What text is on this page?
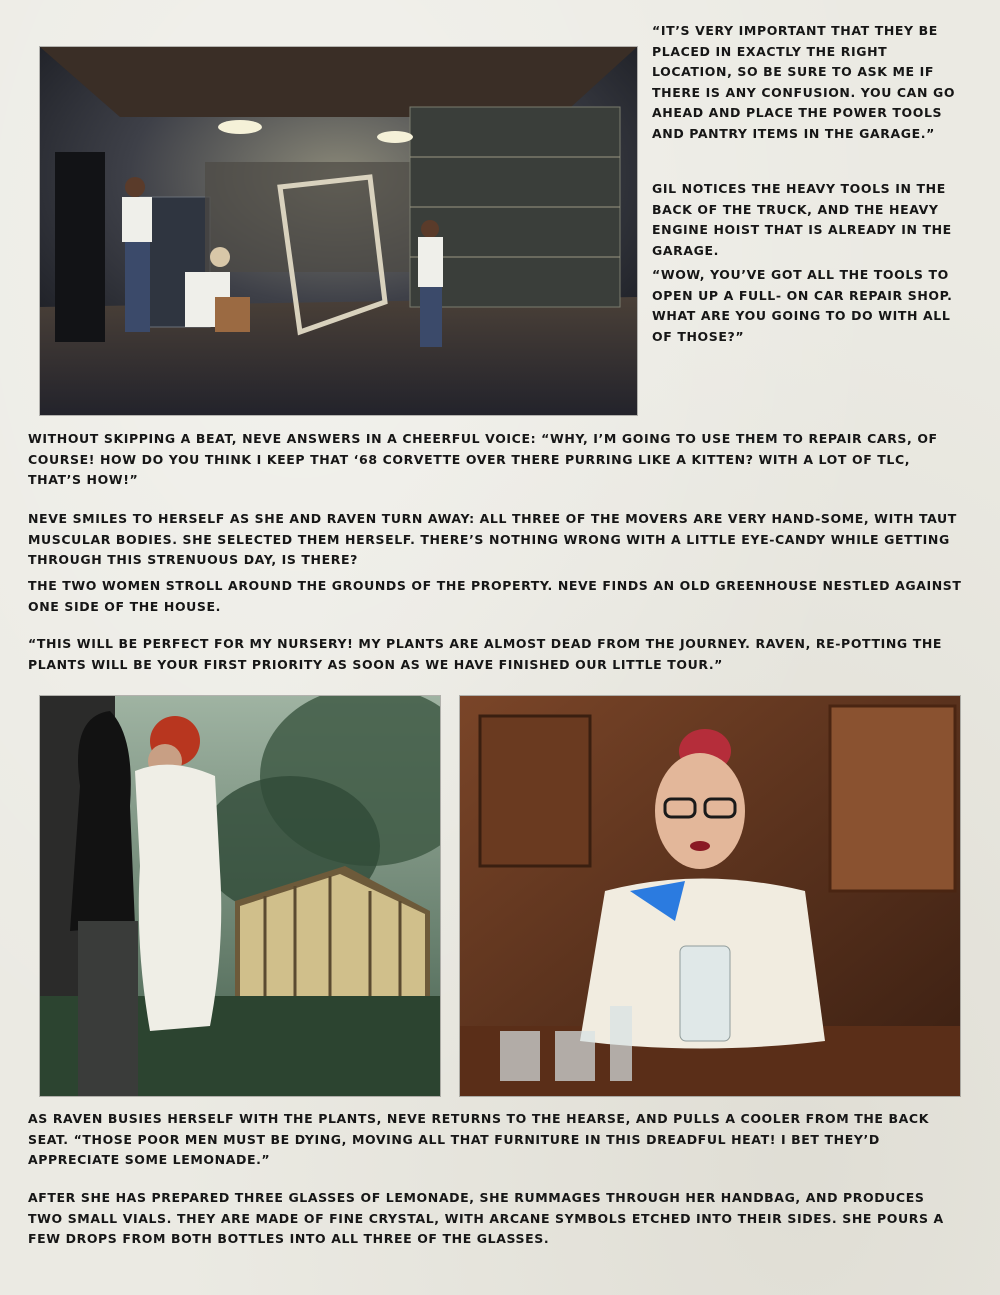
“IT’S VERY IMPORTANT THAT THEY BE PLACED IN EXACTLY THE RIGHT LOCATION, SO BE SURE TO ASK ME IF THERE IS ANY CONFUSION. YOU CAN GO AHEAD AND PLACE THE POWER TOOLS AND PANTRY ITEMS IN THE GARAGE.”

GIL NOTICES THE HEAVY TOOLS IN THE BACK OF THE TRUCK, AND THE HEAVY ENGINE HOIST THAT IS ALREADY IN THE GARAGE.

“WOW, YOU’VE GOT ALL THE TOOLS TO OPEN UP A FULL- ON CAR REPAIR SHOP. WHAT ARE YOU GOING TO DO WITH ALL OF THOSE?”

WITHOUT SKIPPING A BEAT, NEVE ANSWERS IN A CHEERFUL VOICE: “WHY, I’M GOING TO USE THEM TO REPAIR CARS, OF COURSE! HOW DO YOU THINK I KEEP THAT ‘68 CORVETTE OVER THERE PURRING LIKE A KITTEN? WITH A LOT OF TLC, THAT’S HOW!”

NEVE SMILES TO HERSELF AS SHE AND RAVEN TURN AWAY: ALL THREE OF THE MOVERS ARE VERY HAND-SOME, WITH TAUT MUSCULAR BODIES. SHE SELECTED THEM HERSELF. THERE’S NOTHING WRONG WITH A LITTLE EYE-CANDY WHILE GETTING THROUGH THIS STRENUOUS DAY, IS THERE?

THE TWO WOMEN STROLL AROUND THE GROUNDS OF THE PROPERTY. NEVE FINDS AN OLD GREENHOUSE NESTLED AGAINST ONE SIDE OF THE HOUSE.

“THIS WILL BE PERFECT FOR MY NURSERY! MY PLANTS ARE ALMOST DEAD FROM THE JOURNEY. RAVEN, RE-POTTING THE PLANTS WILL BE YOUR FIRST PRIORITY AS SOON AS WE HAVE FINISHED OUR LITTLE TOUR.”

AS RAVEN BUSIES HERSELF WITH THE PLANTS, NEVE RETURNS TO THE HEARSE, AND PULLS A COOLER FROM THE BACK SEAT. “THOSE POOR MEN MUST BE DYING, MOVING ALL THAT FURNITURE IN THIS DREADFUL HEAT! I BET THEY’D APPRECIATE SOME LEMONADE.”

AFTER SHE HAS PREPARED THREE GLASSES OF LEMONADE, SHE RUMMAGES THROUGH HER HANDBAG, AND PRODUCES TWO SMALL VIALS. THEY ARE MADE OF FINE CRYSTAL, WITH ARCANE SYMBOLS ETCHED INTO THEIR SIDES. SHE POURS A FEW DROPS FROM BOTH BOTTLES INTO ALL THREE OF THE GLASSES.
